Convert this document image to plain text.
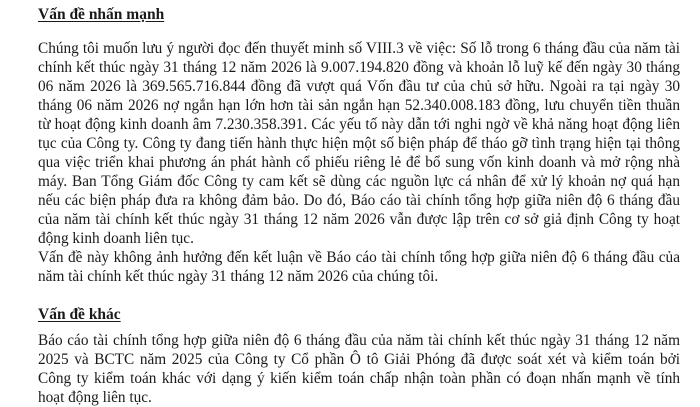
Vấn đề nhấn mạnh
Chúng tôi muốn lưu ý người đọc đến thuyết minh số VIII.3 về việc: Số lỗ trong 6 tháng đầu của năm tài
chính kết thúc ngày 31 tháng 12 năm 2026 là 9.007.194.820 đồng và khoản lỗ luỹ kế đến ngày 30 tháng
06 năm 2026 là 369.565.716.844 đồng đã vượt quá Vốn đầu tư của chủ sở hữu. Ngoài ra tại ngày 30
tháng 06 năm 2026 nợ ngắn hạn lớn hơn tài sản ngắn hạn 52.340.008.183 đồng, lưu chuyển tiền thuần
từ hoạt động kinh doanh âm 7.230.358.391. Các yếu tố này dẫn tới nghi ngờ về khả năng hoạt động liên
tục của Công ty. Công ty đang tiến hành thực hiện một số biện pháp để tháo gỡ tình trạng hiện tại thông
qua việc triển khai phương án phát hành cổ phiếu riêng lẻ để bổ sung vốn kinh doanh và mở rộng nhà
máy. Ban Tổng Giám đốc Công ty cam kết sẽ dùng các nguồn lực cá nhân để xử lý khoản nợ quá hạn
nếu các biện pháp đưa ra không đảm bảo. Do đó, Báo cáo tài chính tổng hợp giữa niên độ 6 tháng đầu
của năm tài chính kết thúc ngày 31 tháng 12 năm 2026 vẫn được lập trên cơ sở giả định Công ty hoạt
động kinh doanh liên tục.
Vấn đề này không ảnh hưởng đến kết luận về Báo cáo tài chính tổng hợp giữa niên độ 6 tháng đầu của
năm tài chính kết thúc ngày 31 tháng 12 năm 2026 của chúng tôi.
Vấn đề khác
Báo cáo tài chính tổng hợp giữa niên độ 6 tháng đầu của năm tài chính kết thúc ngày 31 tháng 12 năm
2025 và BCTC năm 2025 của Công ty Cổ phần Ô tô Giải Phóng đã được soát xét và kiểm toán bởi
Công ty kiểm toán khác với dạng ý kiến kiểm toán chấp nhận toàn phần có đoạn nhấn mạnh về tính
hoạt động liên tục.
